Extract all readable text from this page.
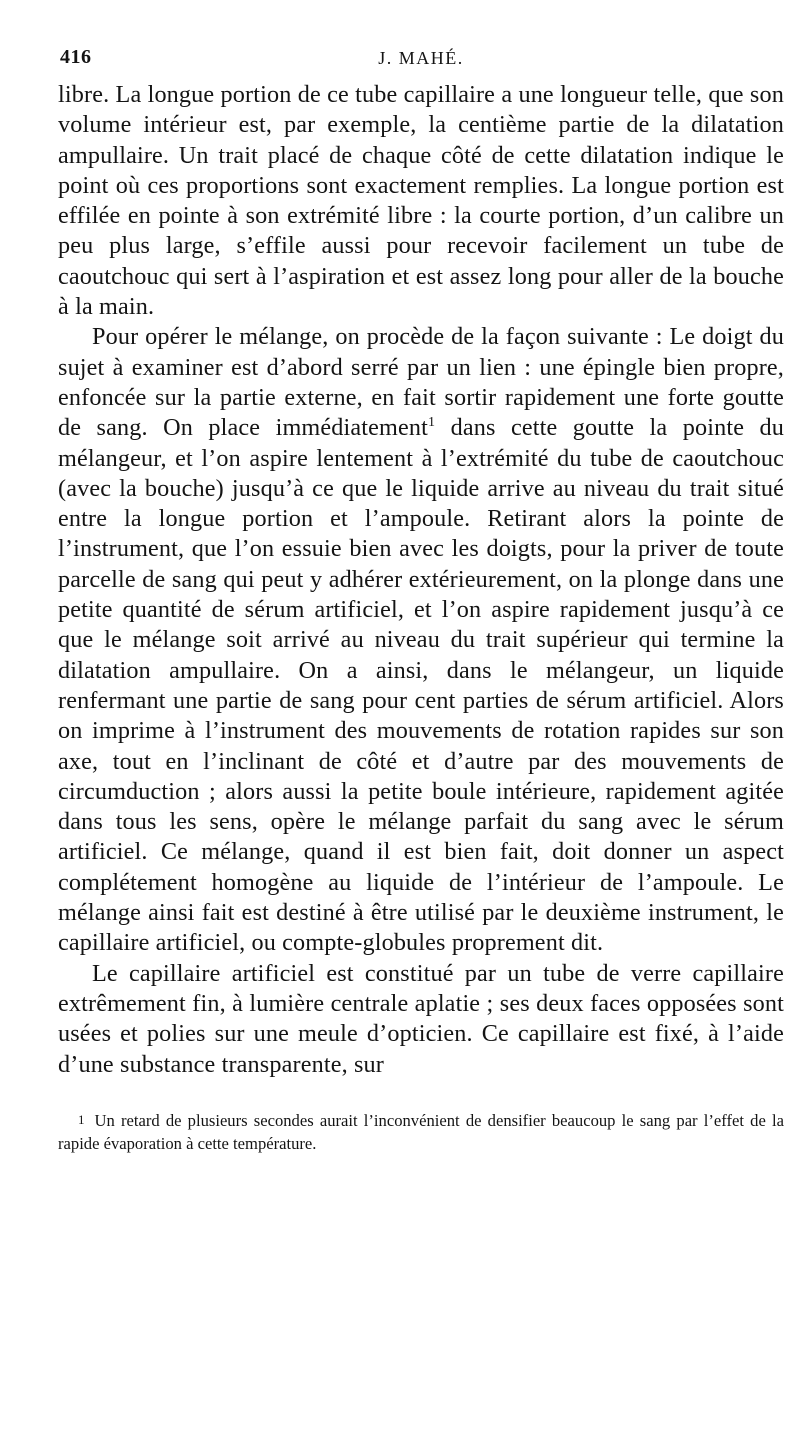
416	J. MAHÉ.

libre. La longue portion de ce tube capillaire a une longueur telle, que son volume intérieur est, par exemple, la centième partie de la dilatation ampullaire. Un trait placé de chaque côté de cette dilatation indique le point où ces proportions sont exactement remplies. La longue portion est effilée en pointe à son extrémité libre : la courte portion, d’un calibre un peu plus large, s’effile aussi pour recevoir facilement un tube de caoutchouc qui sert à l’aspiration et est assez long pour aller de la bouche à la main.

Pour opérer le mélange, on procède de la façon suivante : Le doigt du sujet à examiner est d’abord serré par un lien : une épingle bien propre, enfoncée sur la partie externe, en fait sortir rapidement une forte goutte de sang. On place immédiatement$^1$ dans cette goutte la pointe du mélangeur, et l’on aspire lentement à l’extrémité du tube de caoutchouc (avec la bouche) jusqu’à ce que le liquide arrive au niveau du trait situé entre la longue portion et l’ampoule. Retirant alors la pointe de l’instrument, que l’on essuie bien avec les doigts, pour la priver de toute parcelle de sang qui peut y adhérer extérieurement, on la plonge dans une petite quantité de sérum artificiel, et l’on aspire rapidement jusqu’à ce que le mélange soit arrivé au niveau du trait supérieur qui termine la dilatation ampullaire. On a ainsi, dans le mélangeur, un liquide renfermant une partie de sang pour cent parties de sérum artificiel. Alors on imprime à l’instrument des mouvements de rotation rapides sur son axe, tout en l’inclinant de côté et d’autre par des mouvements de circumduction ; alors aussi la petite boule intérieure, rapidement agitée dans tous les sens, opère le mélange parfait du sang avec le sérum artificiel. Ce mélange, quand il est bien fait, doit donner un aspect complétement homogène au liquide de l’intérieur de l’ampoule. Le mélange ainsi fait est destiné à être utilisé par le deuxième instrument, le capillaire artificiel, ou compte-globules proprement dit.

Le capillaire artificiel est constitué par un tube de verre capillaire extrêmement fin, à lumière centrale aplatie ; ses deux faces opposées sont usées et polies sur une meule d’opticien. Ce capillaire est fixé, à l’aide d’une substance transparente, sur

1 Un retard de plusieurs secondes aurait l’inconvénient de densifier beaucoup le sang par l’effet de la rapide évaporation à cette température.
